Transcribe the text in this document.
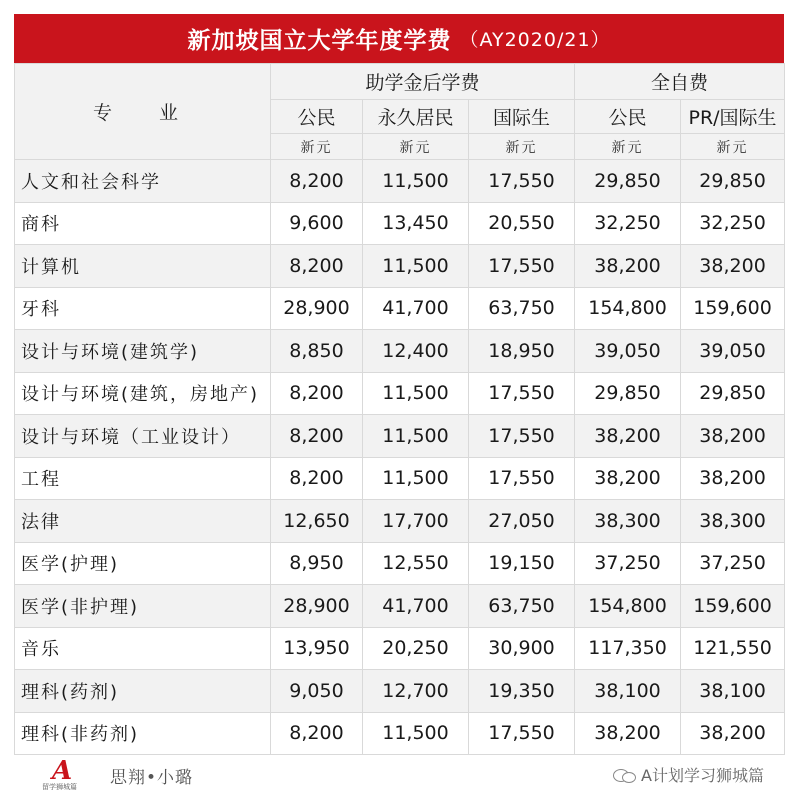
新加坡国立大学年度学费 （AY2020/21）
专　业	助学金后学费			全自费	
	公民	永久居民	国际生	公民	PR/国际生
	新元	新元	新元	新元	新元
人文和社会科学	8,200	11,500	17,550	29,850	29,850
商科	9,600	13,450	20,550	32,250	32,250
计算机	8,200	11,500	17,550	38,200	38,200
牙科	28,900	41,700	63,750	154,800	159,600
设计与环境(建筑学)	8,850	12,400	18,950	39,050	39,050
设计与环境(建筑，房地产)	8,200	11,500	17,550	29,850	29,850
设计与环境（工业设计）	8,200	11,500	17,550	38,200	38,200
工程	8,200	11,500	17,550	38,200	38,200
法律	12,650	17,700	27,050	38,300	38,300
医学(护理)	8,950	12,550	19,150	37,250	37,250
医学(非护理)	28,900	41,700	63,750	154,800	159,600
音乐	13,950	20,250	30,900	117,350	121,550
理科(药剂)	9,050	12,700	19,350	38,100	38,100
理科(非药剂)	8,200	11,500	17,550	38,200	38,200
A
留学狮城篇 思翔•小璐	A计划学习狮城篇
